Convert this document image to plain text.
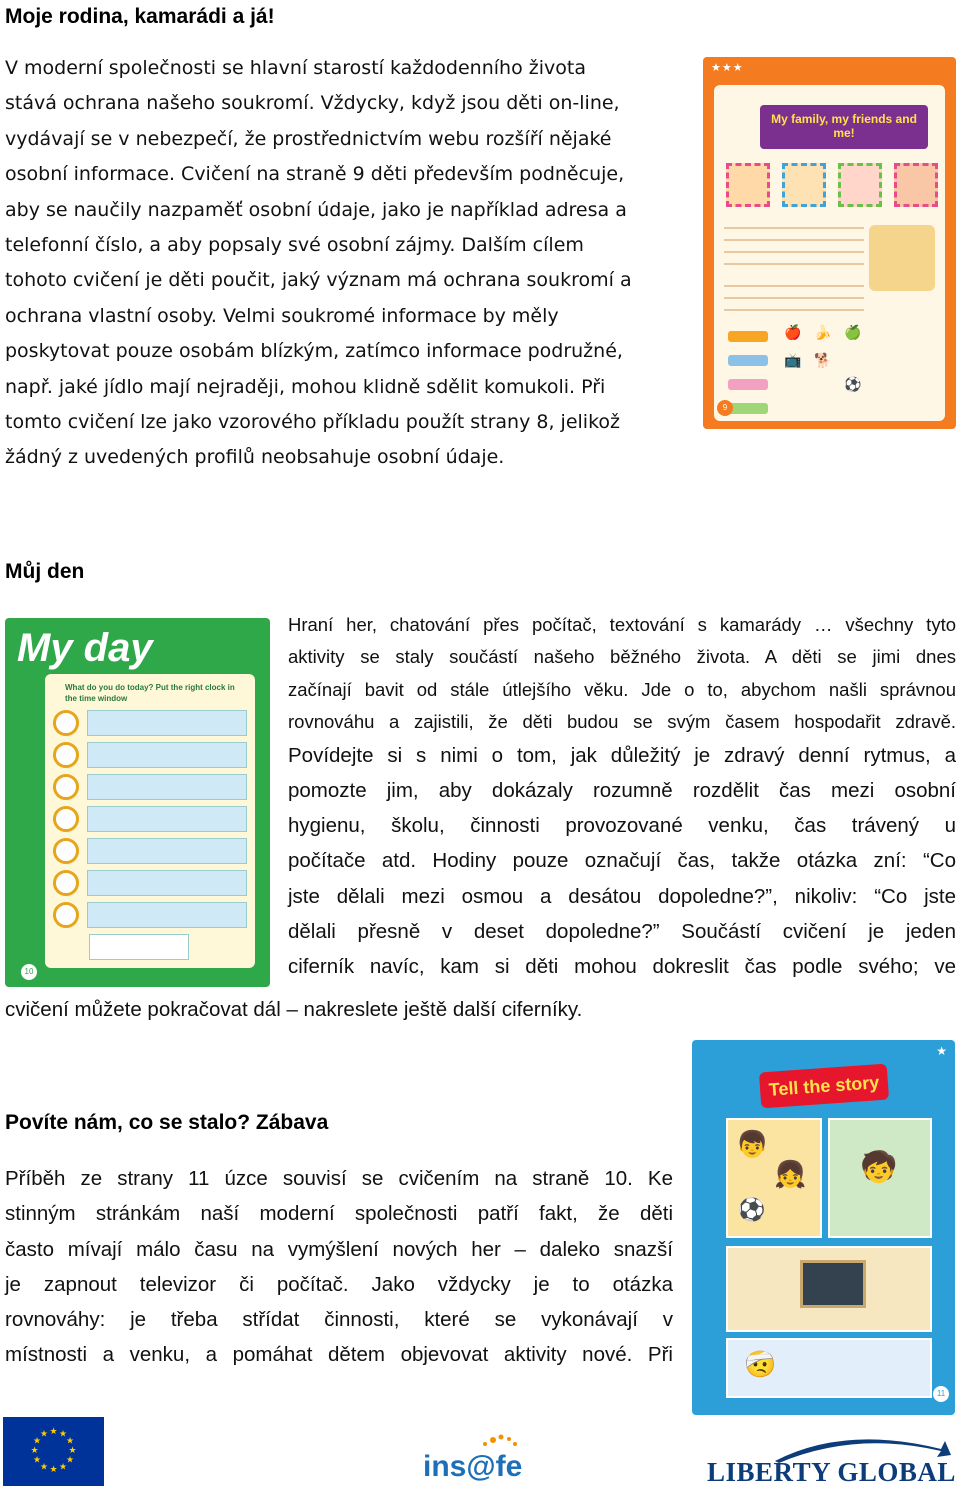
Moje rodina, kamarádi a já!
V moderní společnosti se hlavní starostí každodenního života
stává ochrana našeho soukromí. Vždycky, když jsou děti on-line,
vydávají se v nebezpečí, že prostřednictvím webu rozšíří nějaké
osobní informace. Cvičení na straně 9 děti především podněcuje,
aby se naučily nazpaměť osobní údaje, jako je například adresa a
telefonní číslo, a aby popsaly své osobní zájmy. Dalším cílem
tohoto cvičení je děti poučit, jaký význam má ochrana soukromí a
ochrana vlastní osoby. Velmi soukromé informace by měly
poskytovat pouze osobám blízkým, zatímco informace podružné,
např. jaké jídlo mají nejraději, mohou klidně sdělit komukoli. Při
tomto cvičení lze jako vzorového příkladu použít strany 8, jelikož
žádný z uvedených profilů neobsahuje osobní údaje.
★★★
My family, my friends and me!
🍎 🍌 🍏
📺 🐕
⚽
9
Můj den
My day
What do you do today? Put the right clock in the time window
10
Hraní her, chatování přes počítač, textování s kamarády … všechny tyto
aktivity se staly součástí našeho běžného života. A děti se jimi dnes
začínají bavit od stále útlejšího věku. Jde o to, abychom našli správnou
rovnováhu a zajistili, že děti budou se svým časem hospodařit zdravě.
Povídejte si s nimi o tom, jak důležitý je zdravý denní rytmus, a
pomozte jim, aby dokázaly rozumně rozdělit čas mezi osobní
hygienu, školu, činnosti provozované venku, čas trávený u
počítače atd. Hodiny pouze označují čas, takže otázka zní: “Co
jste dělali mezi osmou a desátou dopoledne?”, nikoliv: “Co jste
dělali přesně v deset dopoledne?” Součástí cvičení je jeden
ciferník navíc, kam si děti mohou dokreslit čas podle svého; ve
cvičení můžete pokračovat dál – nakreslete ještě další ciferníky.
Povíte nám, co se stalo? Zábava
Příběh ze strany 11 úzce souvisí se cvičením na straně 10. Ke
stinným stránkám naší moderní společnosti patří fakt, že děti
často mívají málo času na vymýšlení nových her – daleko snazší
je zapnout televizor či počítač. Jako vždycky je to otázka
rovnováhy: je třeba střídat činnosti, které se vykonávají v
místnosti a venku, a pomáhat dětem objevovat aktivity nové. Při
★
Tell the story
👦
👧
⚽
🧒
🤕
11
★ ★
★
★
★
★
★
★
★
★
★
★
ins@fe	LIBERTY GLOBAL
